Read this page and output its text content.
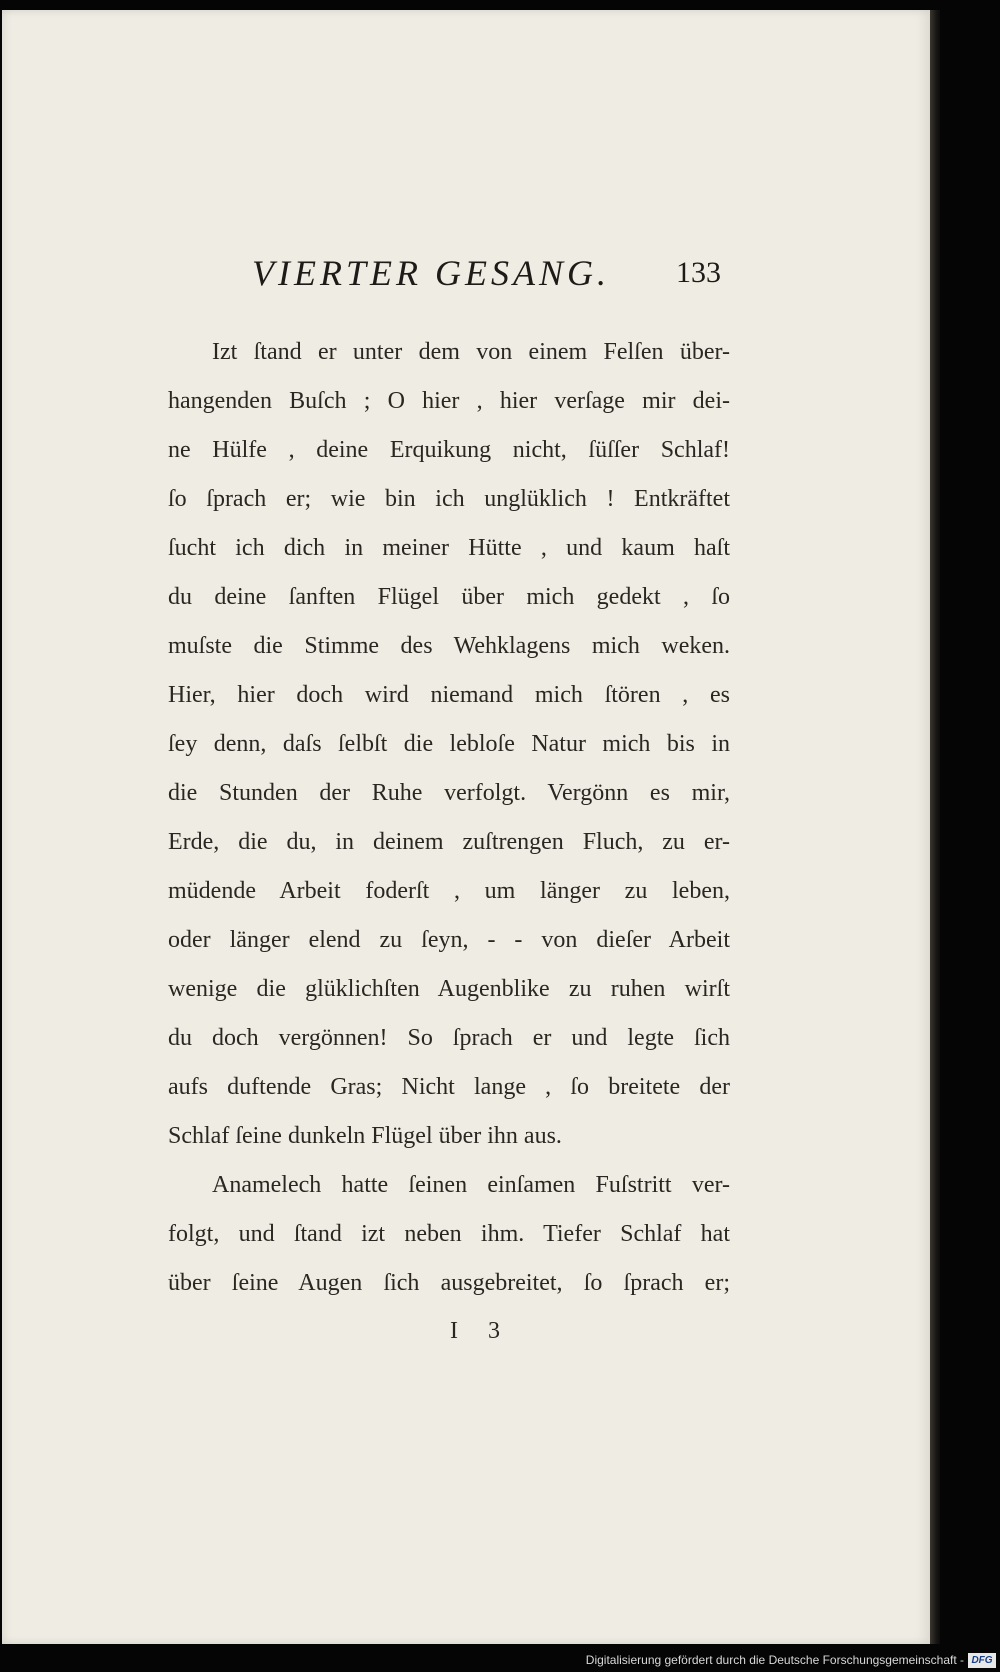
VIERTER GESANG. 133
Izt ſtand er unter dem von einem Felſen über-
hangenden Buſch ; O hier , hier verſage mir dei-
ne Hülfe , deine Erquikung nicht, ſüſſer Schlaf!
ſo ſprach er; wie bin ich unglüklich ! Entkräftet
ſucht ich dich in meiner Hütte , und kaum haſt
du deine ſanften Flügel über mich gedekt , ſo
muſste die Stimme des Wehklagens mich weken.
Hier, hier doch wird niemand mich ſtören , es
ſey denn, daſs ſelbſt die lebloſe Natur mich bis in
die Stunden der Ruhe verfolgt. Vergönn es mir,
Erde, die du, in deinem zuſtrengen Fluch, zu er-
müdende Arbeit foderſt , um länger zu leben,
oder länger elend zu ſeyn, - - von dieſer Arbeit
wenige die glüklichſten Augenblike zu ruhen wirſt
du doch vergönnen! So ſprach er und legte ſich
aufs duftende Gras; Nicht lange , ſo breitete der
Schlaf ſeine dunkeln Flügel über ihn aus.
Anamelech hatte ſeinen einſamen Fuſstritt ver-
folgt, und ſtand izt neben ihm. Tiefer Schlaf hat
über ſeine Augen ſich ausgebreitet, ſo ſprach er;
I 3
Digitalisierung gefördert durch die Deutsche Forschungsgemeinschaft - DFG
